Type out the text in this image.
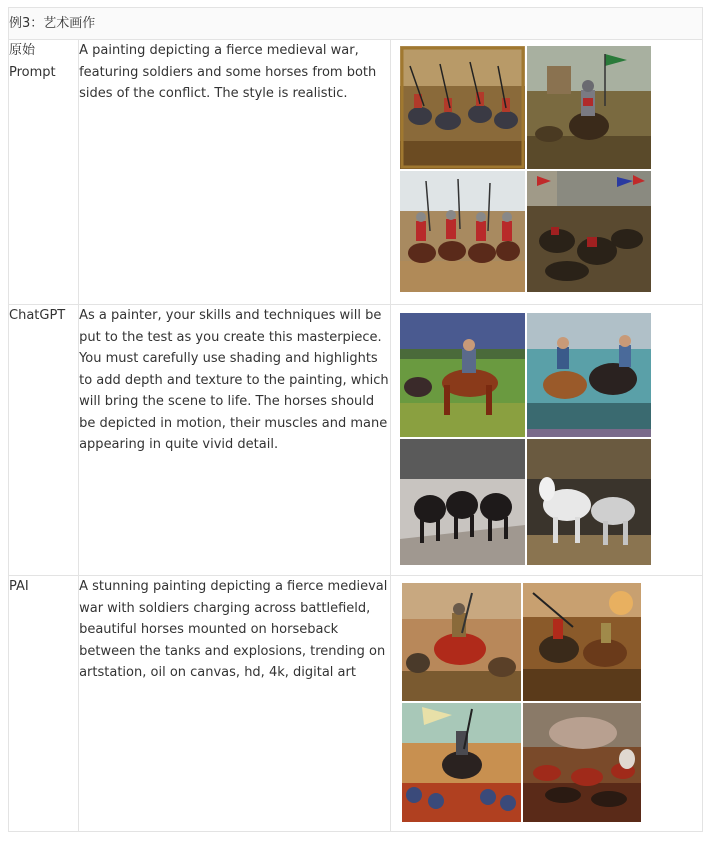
例3：艺术画作		

原始
Prompt	A painting depicting a fierce medieval war, featuring soldiers and some horses from both sides of the conflict. The style is realistic.	

ChatGPT	As a painter, your skills and techniques will be put to the test as you create this masterpiece. You must carefully use shading and highlights to add depth and texture to the painting, which will bring the scene to life. The horses should be depicted in motion, their muscles and mane appearing in quite vivid detail.	

PAI	A stunning painting depicting a fierce medieval war with soldiers charging across battlefield, beautiful horses mounted on horseback between the tanks and explosions, trending on artstation, oil on canvas, hd, 4k, digital art	
